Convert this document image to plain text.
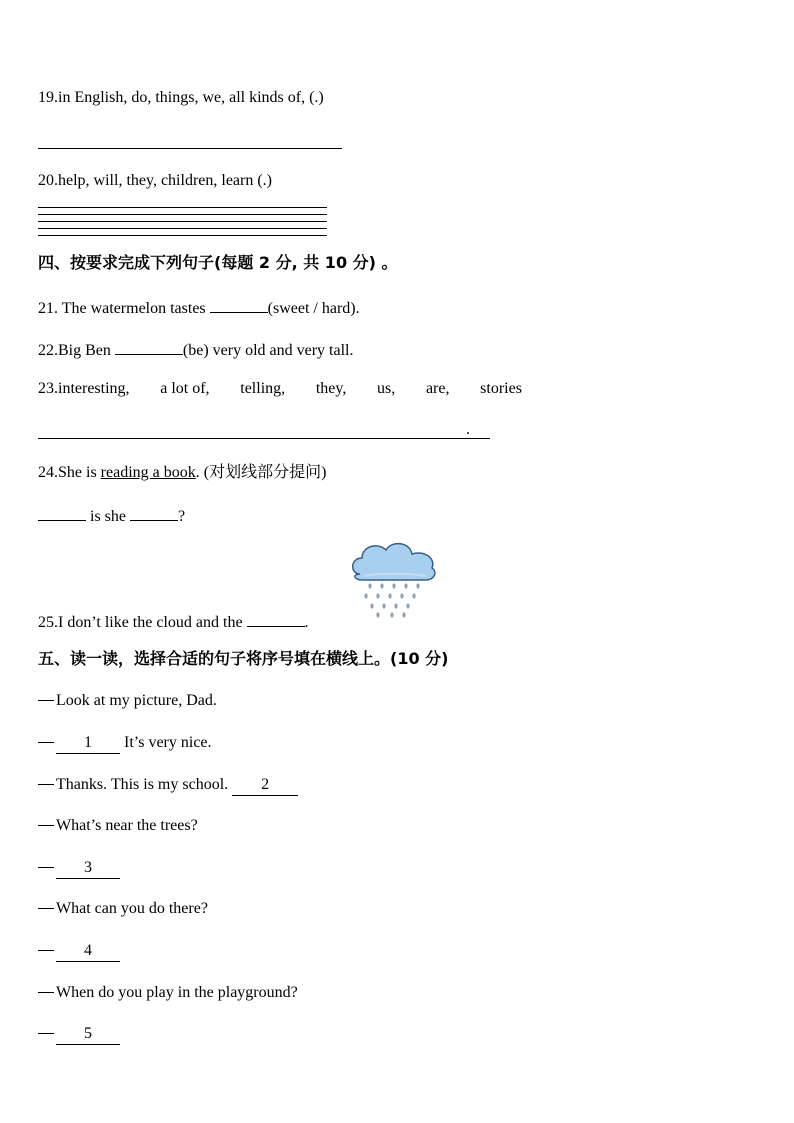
19.in English, do, things, we, all kinds of, (.)
20.help, will, they, children, learn (.)
四、按要求完成下列句子(每题 2 分, 共 10 分) 。
21. The watermelon tastes	(sweet / hard).
22.Big Ben	(be) very old and very tall.
23.interesting, a lot of, telling, they, us, are, stories
.
24.She is reading a book. (对划线部分提问)
is she	?
25.I don’t like the cloud and the	.
五、读一读，选择合适的句子将序号填在横线上。(10 分)
Look at my picture, Dad.
1 It’s very nice.
Thanks. This is my school. 2
What’s near the trees?
3
What can you do there?
4
When do you play in the playground?
5
